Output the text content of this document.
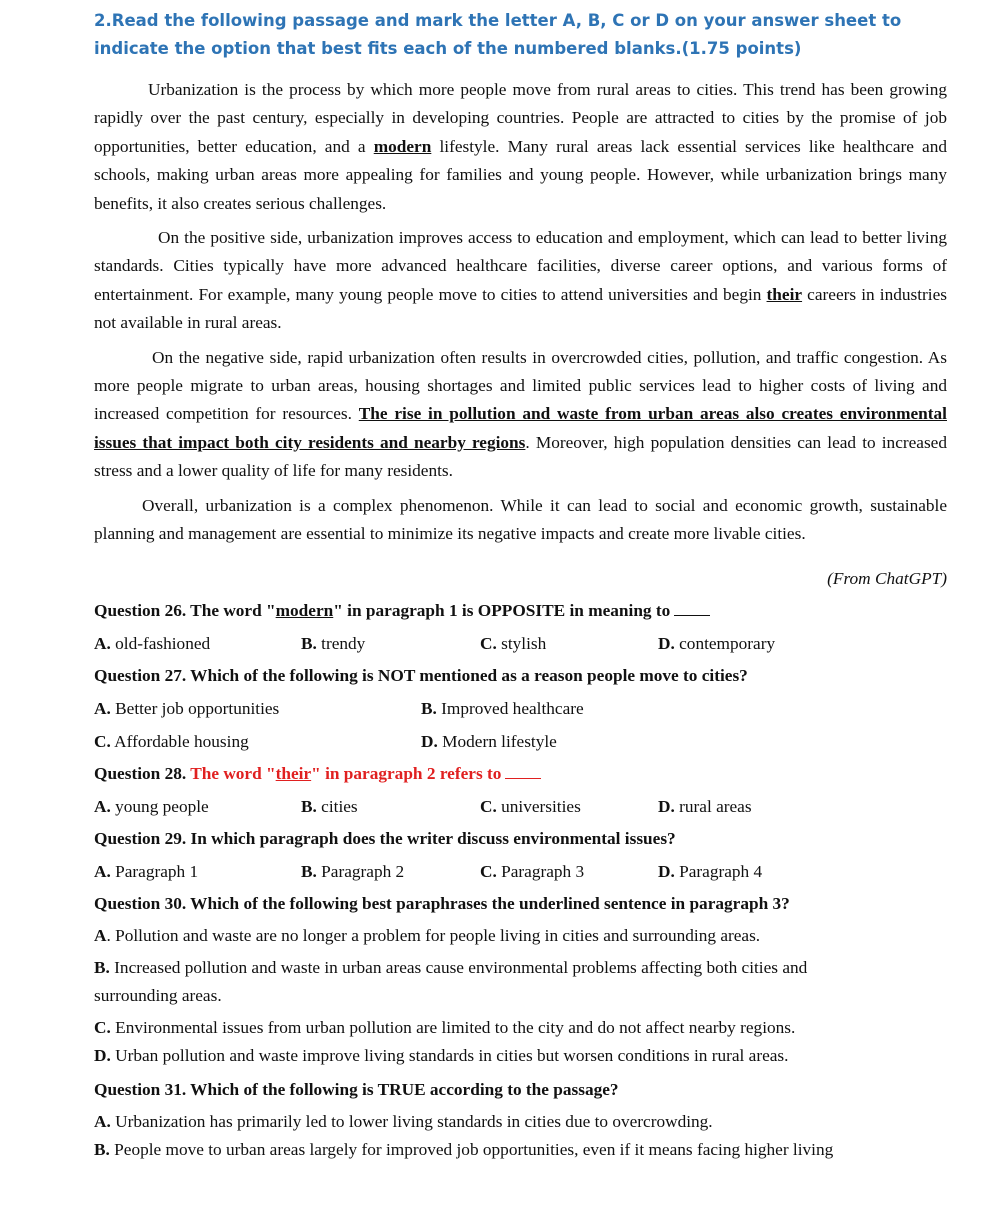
2.Read the following passage and mark the letter A, B, C or D on your answer sheet to indicate the option that best fits each of the numbered blanks.(1.75 points)

Urbanization is the process by which more people move from rural areas to cities. This trend has been growing rapidly over the past century, especially in developing countries. People are attracted to cities by the promise of job opportunities, better education, and a modern lifestyle. Many rural areas lack essential services like healthcare and schools, making urban areas more appealing for families and young people. However, while urbanization brings many benefits, it also creates serious challenges.

On the positive side, urbanization improves access to education and employment, which can lead to better living standards. Cities typically have more advanced healthcare facilities, diverse career options, and various forms of entertainment. For example, many young people move to cities to attend universities and begin their careers in industries not available in rural areas.

On the negative side, rapid urbanization often results in overcrowded cities, pollution, and traffic congestion. As more people migrate to urban areas, housing shortages and limited public services lead to higher costs of living and increased competition for resources. The rise in pollution and waste from urban areas also creates environmental issues that impact both city residents and nearby regions. Moreover, high population densities can lead to increased stress and a lower quality of life for many residents.

Overall, urbanization is a complex phenomenon. While it can lead to social and economic growth, sustainable planning and management are essential to minimize its negative impacts and create more livable cities.

(From ChatGPT)

Question 26. The word "modern" in paragraph 1 is OPPOSITE in meaning to

A. old-fashioned	B. trendy	C. stylish	D. contemporary

Question 27. Which of the following is NOT mentioned as a reason people move to cities?

A. Better job opportunities	B. Improved healthcare
C. Affordable housing	D. Modern lifestyle

Question 28. The word "their" in paragraph 2 refers to

A. young people	B. cities	C. universities	D. rural areas

Question 29. In which paragraph does the writer discuss environmental issues?

A. Paragraph 1	B. Paragraph 2	C. Paragraph 3	D. Paragraph 4

Question 30. Which of the following best paraphrases the underlined sentence in paragraph 3?

A. Pollution and waste are no longer a problem for people living in cities and surrounding areas.

B. Increased pollution and waste in urban areas cause environmental problems affecting both cities and

surrounding areas.

C. Environmental issues from urban pollution are limited to the city and do not affect nearby regions.

D. Urban pollution and waste improve living standards in cities but worsen conditions in rural areas.

Question 31. Which of the following is TRUE according to the passage?

A. Urbanization has primarily led to lower living standards in cities due to overcrowding.

B. People move to urban areas largely for improved job opportunities, even if it means facing higher living
